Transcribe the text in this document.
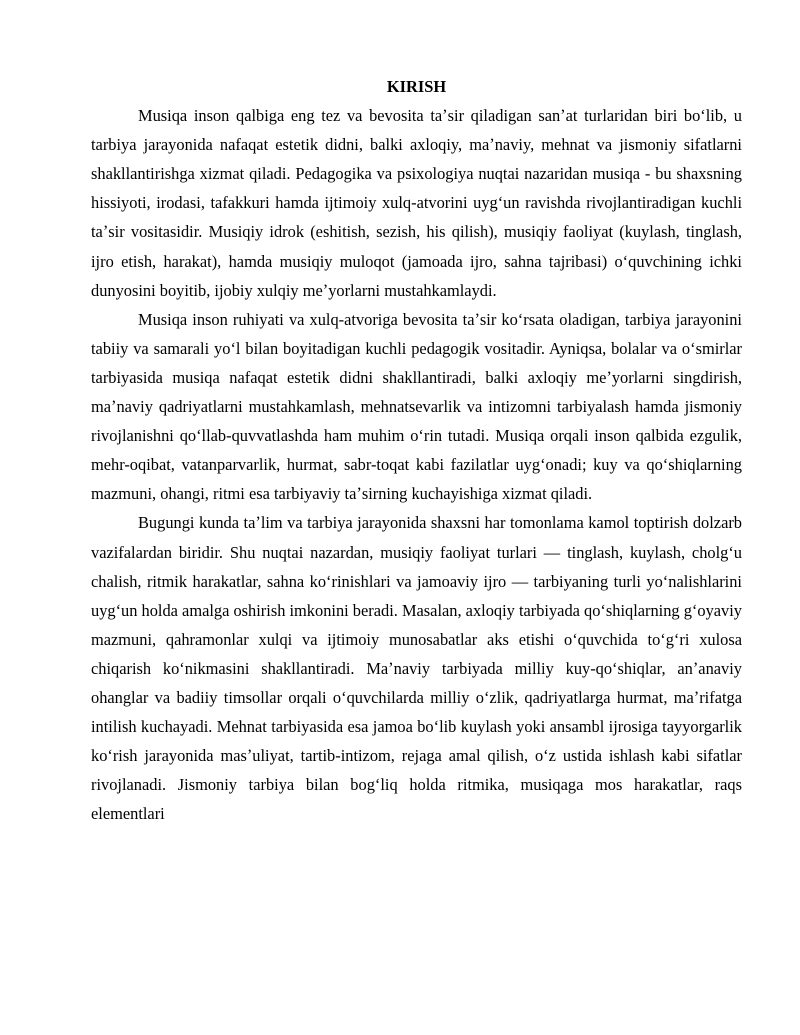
KIRISH

Musiqa inson qalbiga eng tez va bevosita taʼsir qiladigan sanʼat turlaridan biri boʻlib, u tarbiya jarayonida nafaqat estetik didni, balki axloqiy, maʼnaviy, mehnat va jismoniy sifatlarni shakllantirishga xizmat qiladi. Pedagogika va psixologiya nuqtai nazaridan musiqa - bu shaxsning hissiyoti, irodasi, tafakkuri hamda ijtimoiy xulq-atvorini uygʻun ravishda rivojlantiradigan kuchli taʼsir vositasidir. Musiqiy idrok (eshitish, sezish, his qilish), musiqiy faoliyat (kuylash, tinglash, ijro etish, harakat), hamda musiqiy muloqot (jamoada ijro, sahna tajribasi) oʻquvchining ichki dunyosini boyitib, ijobiy xulqiy meʼyorlarni mustahkamlaydi.

Musiqa inson ruhiyati va xulq-atvoriga bevosita taʼsir koʻrsata oladigan, tarbiya jarayonini tabiiy va samarali yoʻl bilan boyitadigan kuchli pedagogik vositadir. Ayniqsa, bolalar va oʻsmirlar tarbiyasida musiqa nafaqat estetik didni shakllantiradi, balki axloqiy meʼyorlarni singdirish, maʼnaviy qadriyatlarni mustahkamlash, mehnatsevarlik va intizomni tarbiyalash hamda jismoniy rivojlanishni qoʻllab-quvvatlashda ham muhim oʻrin tutadi. Musiqa orqali inson qalbida ezgulik, mehr-oqibat, vatanparvarlik, hurmat, sabr-toqat kabi fazilatlar uygʻonadi; kuy va qoʻshiqlarning mazmuni, ohangi, ritmi esa tarbiyaviy taʼsirning kuchayishiga xizmat qiladi.

Bugungi kunda taʼlim va tarbiya jarayonida shaxsni har tomonlama kamol toptirish dolzarb vazifalardan biridir. Shu nuqtai nazardan, musiqiy faoliyat turlari — tinglash, kuylash, cholgʻu chalish, ritmik harakatlar, sahna koʻrinishlari va jamoaviy ijro — tarbiyaning turli yoʻnalishlarini uygʻun holda amalga oshirish imkonini beradi. Masalan, axloqiy tarbiyada qoʻshiqlarning gʻoyaviy mazmuni, qahramonlar xulqi va ijtimoiy munosabatlar aks etishi oʻquvchida toʻgʻri xulosa chiqarish koʻnikmasini shakllantiradi. Maʼnaviy tarbiyada milliy kuy-qoʻshiqlar, anʼanaviy ohanglar va badiiy timsollar orqali oʻquvchilarda milliy oʻzlik, qadriyatlarga hurmat, maʼrifatga intilish kuchayadi. Mehnat tarbiyasida esa jamoa boʻlib kuylash yoki ansambl ijrosiga tayyorgarlik koʻrish jarayonida masʼuliyat, tartib-intizom, rejaga amal qilish, oʻz ustida ishlash kabi sifatlar rivojlanadi. Jismoniy tarbiya bilan bogʻliq holda ritmika, musiqaga mos harakatlar, raqs elementlari
